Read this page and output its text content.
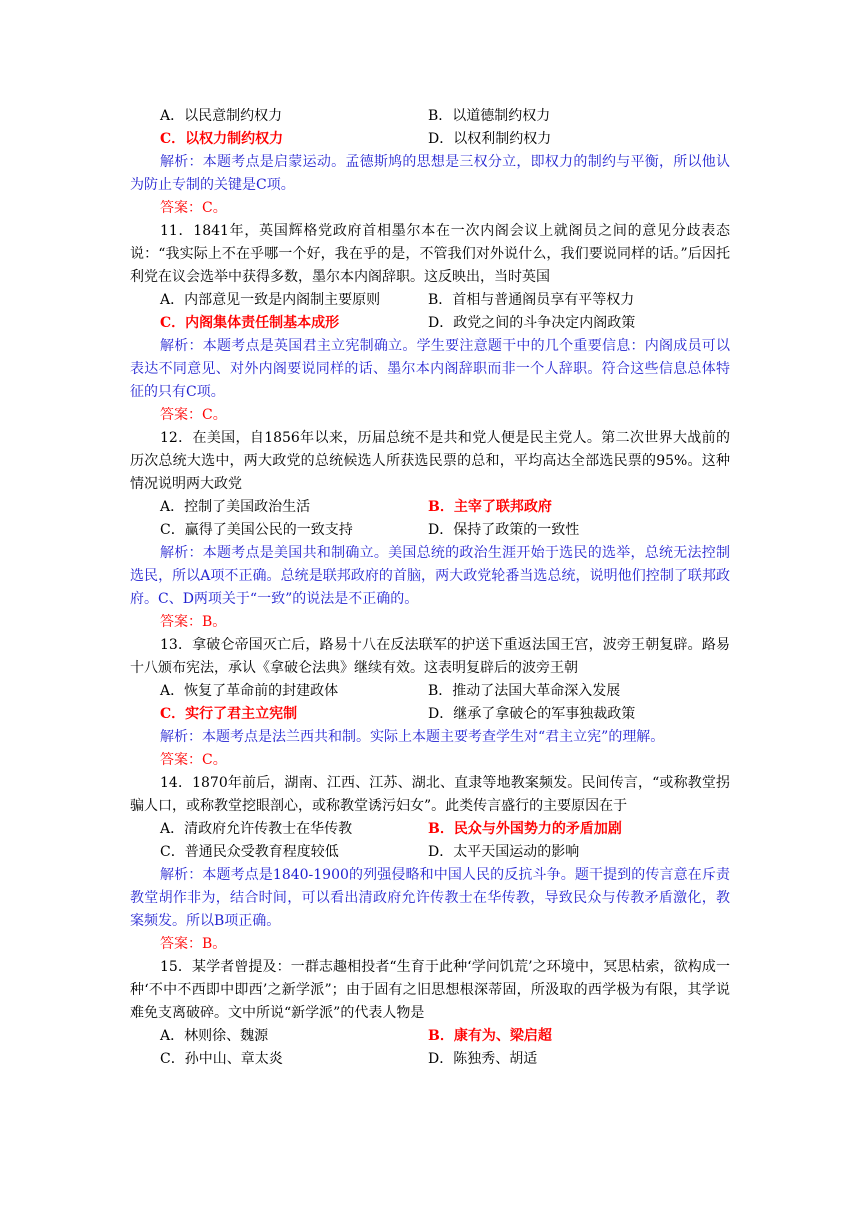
A．以民意制约权力	B．以道德制约权力
C．以权力制约权力	D．以权利制约权力
解析：本题考点是启蒙运动。孟德斯鸠的思想是三权分立，即权力的制约与平衡，所以他认为防止专制的关键是C项。
答案：C。
11．1841年，英国辉格党政府首相墨尔本在一次内阁会议上就阁员之间的意见分歧表态说：“我实际上不在乎哪一个好，我在乎的是，不管我们对外说什么，我们要说同样的话。”后因托利党在议会选举中获得多数，墨尔本内阁辞职。这反映出，当时英国
A．内部意见一致是内阁制主要原则	B．首相与普通阁员享有平等权力
C．内阁集体责任制基本成形	D．政党之间的斗争决定内阁政策
解析：本题考点是英国君主立宪制确立。学生要注意题干中的几个重要信息：内阁成员可以表达不同意见、对外内阁要说同样的话、墨尔本内阁辞职而非一个人辞职。符合这些信息总体特征的只有C项。
答案：C。
12．在美国，自1856年以来，历届总统不是共和党人便是民主党人。第二次世界大战前的历次总统大选中，两大政党的总统候选人所获选民票的总和，平均高达全部选民票的95%。这种情况说明两大政党
A．控制了美国政治生活	B．主宰了联邦政府
C．赢得了美国公民的一致支持	D．保持了政策的一致性
解析：本题考点是美国共和制确立。美国总统的政治生涯开始于选民的选举，总统无法控制选民，所以A项不正确。总统是联邦政府的首脑，两大政党轮番当选总统，说明他们控制了联邦政府。C、D两项关于“一致”的说法是不正确的。
答案：B。
13．拿破仑帝国灭亡后，路易十八在反法联军的护送下重返法国王宫，波旁王朝复辟。路易十八颁布宪法，承认《拿破仑法典》继续有效。这表明复辟后的波旁王朝
A．恢复了革命前的封建政体	B．推动了法国大革命深入发展
C．实行了君主立宪制	D．继承了拿破仑的军事独裁政策
解析：本题考点是法兰西共和制。实际上本题主要考查学生对“君主立宪”的理解。
答案：C。
14．1870年前后，湖南、江西、江苏、湖北、直隶等地教案频发。民间传言，“或称教堂拐骗人口，或称教堂挖眼剖心，或称教堂诱污妇女”。此类传言盛行的主要原因在于
A．清政府允许传教士在华传教	B．民众与外国势力的矛盾加剧
C．普通民众受教育程度较低	D．太平天国运动的影响
解析：本题考点是1840-1900的列强侵略和中国人民的反抗斗争。题干提到的传言意在斥责教堂胡作非为，结合时间，可以看出清政府允许传教士在华传教，导致民众与传教矛盾激化，教案频发。所以B项正确。
答案：B。
15．某学者曾提及：一群志趣相投者“生育于此种‘学问饥荒’之环境中，冥思枯索，欲构成一种‘不中不西即中即西’之新学派”；由于固有之旧思想根深蒂固，所汲取的西学极为有限，其学说难免支离破碎。文中所说“新学派”的代表人物是
A．林则徐、魏源	B．康有为、梁启超
C．孙中山、章太炎	D．陈独秀、胡适
